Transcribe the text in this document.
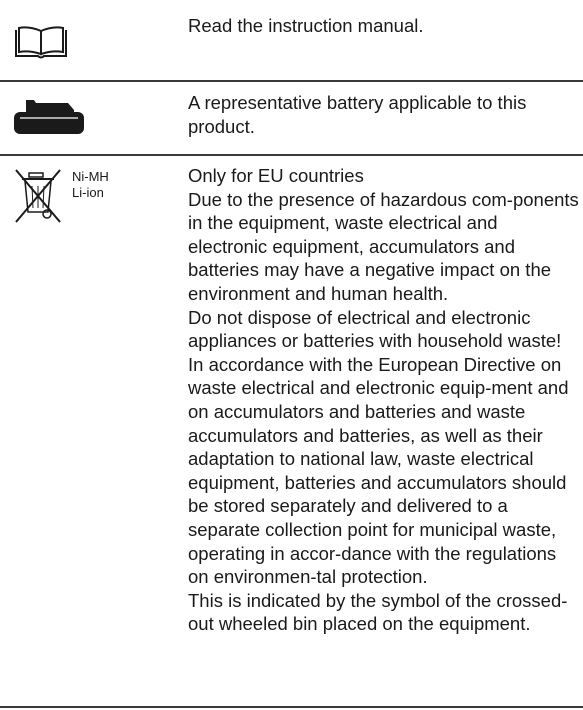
Read the instruction manual.

A representative battery applicable to this product.

Ni-MH
Li-ion

Only for EU countries

Due to the presence of hazardous com-ponents in the equipment, waste electrical and electronic equipment, accumulators and batteries may have a negative impact on the environment and human health.

Do not dispose of electrical and electronic appliances or batteries with household waste!

In accordance with the European Directive on waste electrical and electronic equip-ment and on accumulators and batteries and waste accumulators and batteries, as well as their adaptation to national law, waste electrical equipment, batteries and accumulators should be stored separately and delivered to a separate collection point for municipal waste, operating in accor-dance with the regulations on environmen-tal protection.

This is indicated by the symbol of the crossed-out wheeled bin placed on the equipment.
